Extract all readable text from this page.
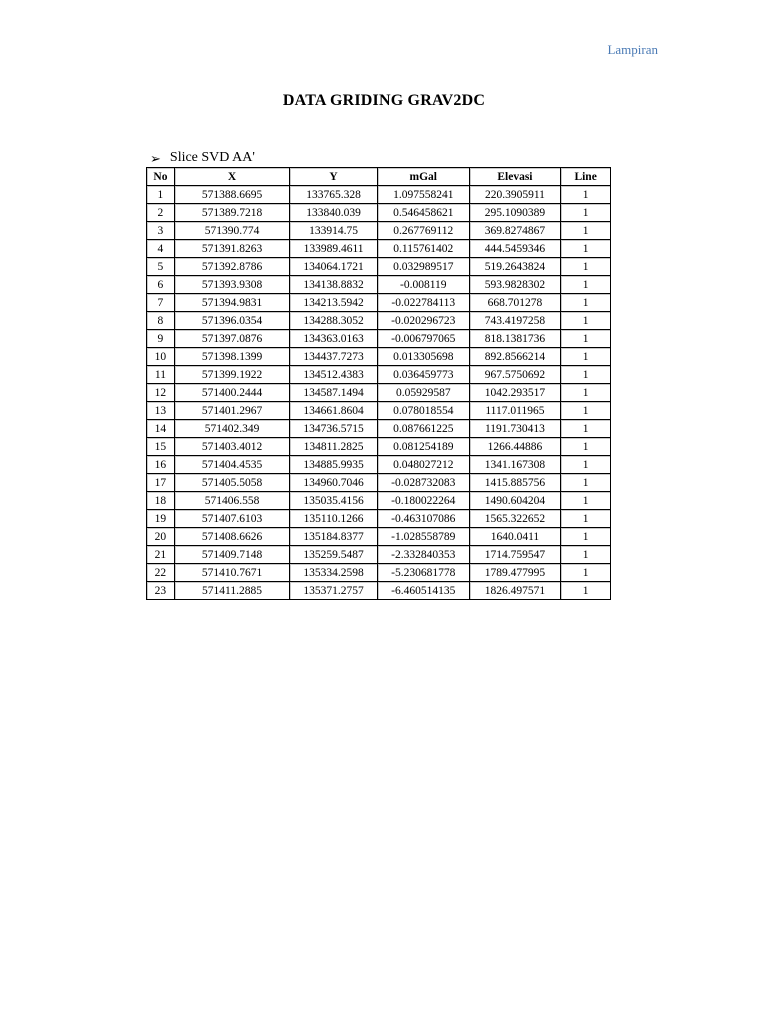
Lampiran
DATA GRIDING GRAV2DC
➢ Slice SVD AA'
No	X	Y	mGal	Elevasi	Line
1	571388.6695	133765.328	1.097558241	220.3905911	1
2	571389.7218	133840.039	0.546458621	295.1090389	1
3	571390.774	133914.75	0.267769112	369.8274867	1
4	571391.8263	133989.4611	0.115761402	444.5459346	1
5	571392.8786	134064.1721	0.032989517	519.2643824	1
6	571393.9308	134138.8832	-0.008119	593.9828302	1
7	571394.9831	134213.5942	-0.022784113	668.701278	1
8	571396.0354	134288.3052	-0.020296723	743.4197258	1
9	571397.0876	134363.0163	-0.006797065	818.1381736	1
10	571398.1399	134437.7273	0.013305698	892.8566214	1
11	571399.1922	134512.4383	0.036459773	967.5750692	1
12	571400.2444	134587.1494	0.05929587	1042.293517	1
13	571401.2967	134661.8604	0.078018554	1117.011965	1
14	571402.349	134736.5715	0.087661225	1191.730413	1
15	571403.4012	134811.2825	0.081254189	1266.44886	1
16	571404.4535	134885.9935	0.048027212	1341.167308	1
17	571405.5058	134960.7046	-0.028732083	1415.885756	1
18	571406.558	135035.4156	-0.180022264	1490.604204	1
19	571407.6103	135110.1266	-0.463107086	1565.322652	1
20	571408.6626	135184.8377	-1.028558789	1640.0411	1
21	571409.7148	135259.5487	-2.332840353	1714.759547	1
22	571410.7671	135334.2598	-5.230681778	1789.477995	1
23	571411.2885	135371.2757	-6.460514135	1826.497571	1
